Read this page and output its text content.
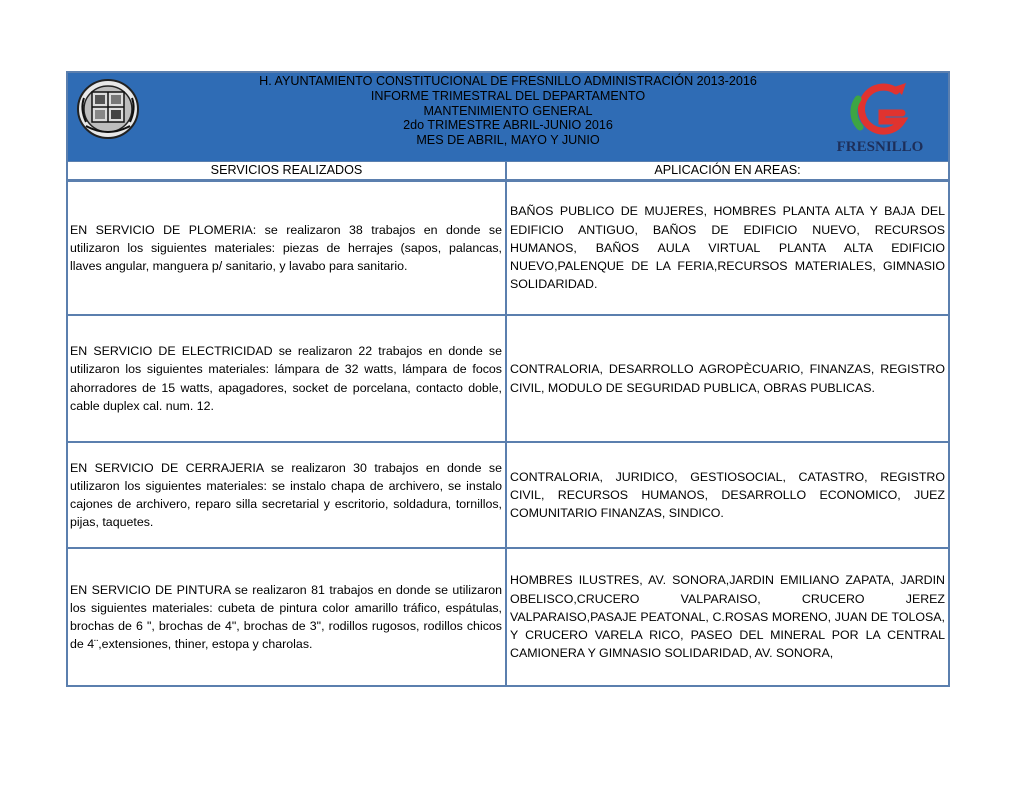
H. AYUNTAMIENTO CONSTITUCIONAL DE FRESNILLO ADMINISTRACIÓN 2013-2016
INFORME TRIMESTRAL DEL DEPARTAMENTO
MANTENIMIENTO GENERAL
2do TRIMESTRE ABRIL-JUNIO 2016
MES DE ABRIL, MAYO Y JUNIO	FRESNILLO
SERVICIOS REALIZADOS	APLICACIÓN EN AREAS:
EN SERVICIO DE PLOMERIA: se realizaron 38 trabajos en donde se utilizaron los siguientes materiales: piezas de herrajes (sapos, palancas, llaves angular, manguera p/ sanitario, y lavabo para sanitario.
BAÑOS PUBLICO DE MUJERES, HOMBRES PLANTA ALTA Y BAJA DEL EDIFICIO ANTIGUO, BAÑOS DE EDIFICIO NUEVO, RECURSOS HUMANOS, BAÑOS AULA VIRTUAL PLANTA ALTA EDIFICIO NUEVO,PALENQUE DE LA FERIA,RECURSOS MATERIALES, GIMNASIO SOLIDARIDAD.
EN SERVICIO DE ELECTRICIDAD se realizaron 22 trabajos en donde se utilizaron los siguientes materiales: lámpara de 32 watts, lámpara de focos ahorradores de 15 watts, apagadores, socket de porcelana, contacto doble, cable duplex cal. num. 12.
CONTRALORIA, DESARROLLO AGROPÈCUARIO, FINANZAS, REGISTRO CIVIL, MODULO DE SEGURIDAD PUBLICA, OBRAS PUBLICAS.
EN SERVICIO DE CERRAJERIA se realizaron 30 trabajos en donde se utilizaron los siguientes materiales: se instalo chapa de archivero, se instalo cajones de archivero, reparo silla secretarial y escritorio, soldadura, tornillos, pijas, taquetes.
CONTRALORIA, JURIDICO, GESTIOSOCIAL, CATASTRO, REGISTRO CIVIL, RECURSOS HUMANOS, DESARROLLO ECONOMICO, JUEZ COMUNITARIO FINANZAS, SINDICO.
EN SERVICIO DE PINTURA se realizaron 81 trabajos en donde se utilizaron los siguientes materiales: cubeta de pintura color amarillo tráfico, espátulas, brochas de 6 ", brochas de 4", brochas de 3", rodillos rugosos, rodillos chicos de 4¨,extensiones, thiner, estopa y charolas.
HOMBRES ILUSTRES, AV. SONORA,JARDIN EMILIANO ZAPATA, JARDIN OBELISCO,CRUCERO VALPARAISO, CRUCERO JEREZ VALPARAISO,PASAJE PEATONAL, C.ROSAS MORENO, JUAN DE TOLOSA, Y CRUCERO VARELA RICO, PASEO DEL MINERAL POR LA CENTRAL CAMIONERA Y GIMNASIO SOLIDARIDAD, AV. SONORA,
